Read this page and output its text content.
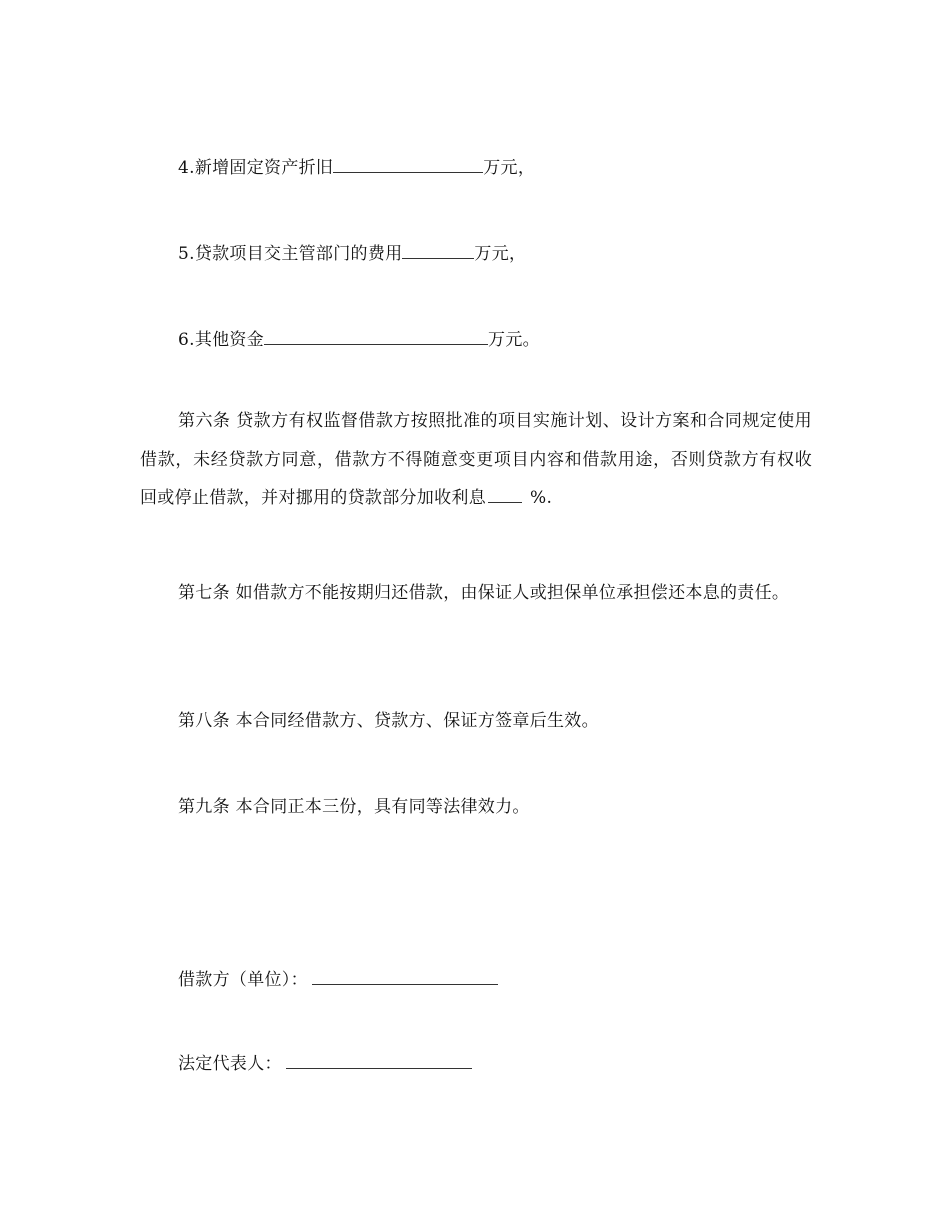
4.新增固定资产折旧	万元，
5.贷款项目交主管部门的费用	万元，
6.其他资金	万元。
第六条 贷款方有权监督借款方按照批准的项目实施计划、设计方案和合同规定使用借款，未经贷款方同意，借款方不得随意变更项目内容和借款用途，否则贷款方有权收回或停止借款，并对挪用的贷款部分加收利息	%.
第七条 如借款方不能按期归还借款，由保证人或担保单位承担偿还本息的责任。
第八条 本合同经借款方、贷款方、保证方签章后生效。
第九条 本合同正本三份，具有同等法律效力。
借款方（单位）：
法定代表人：
